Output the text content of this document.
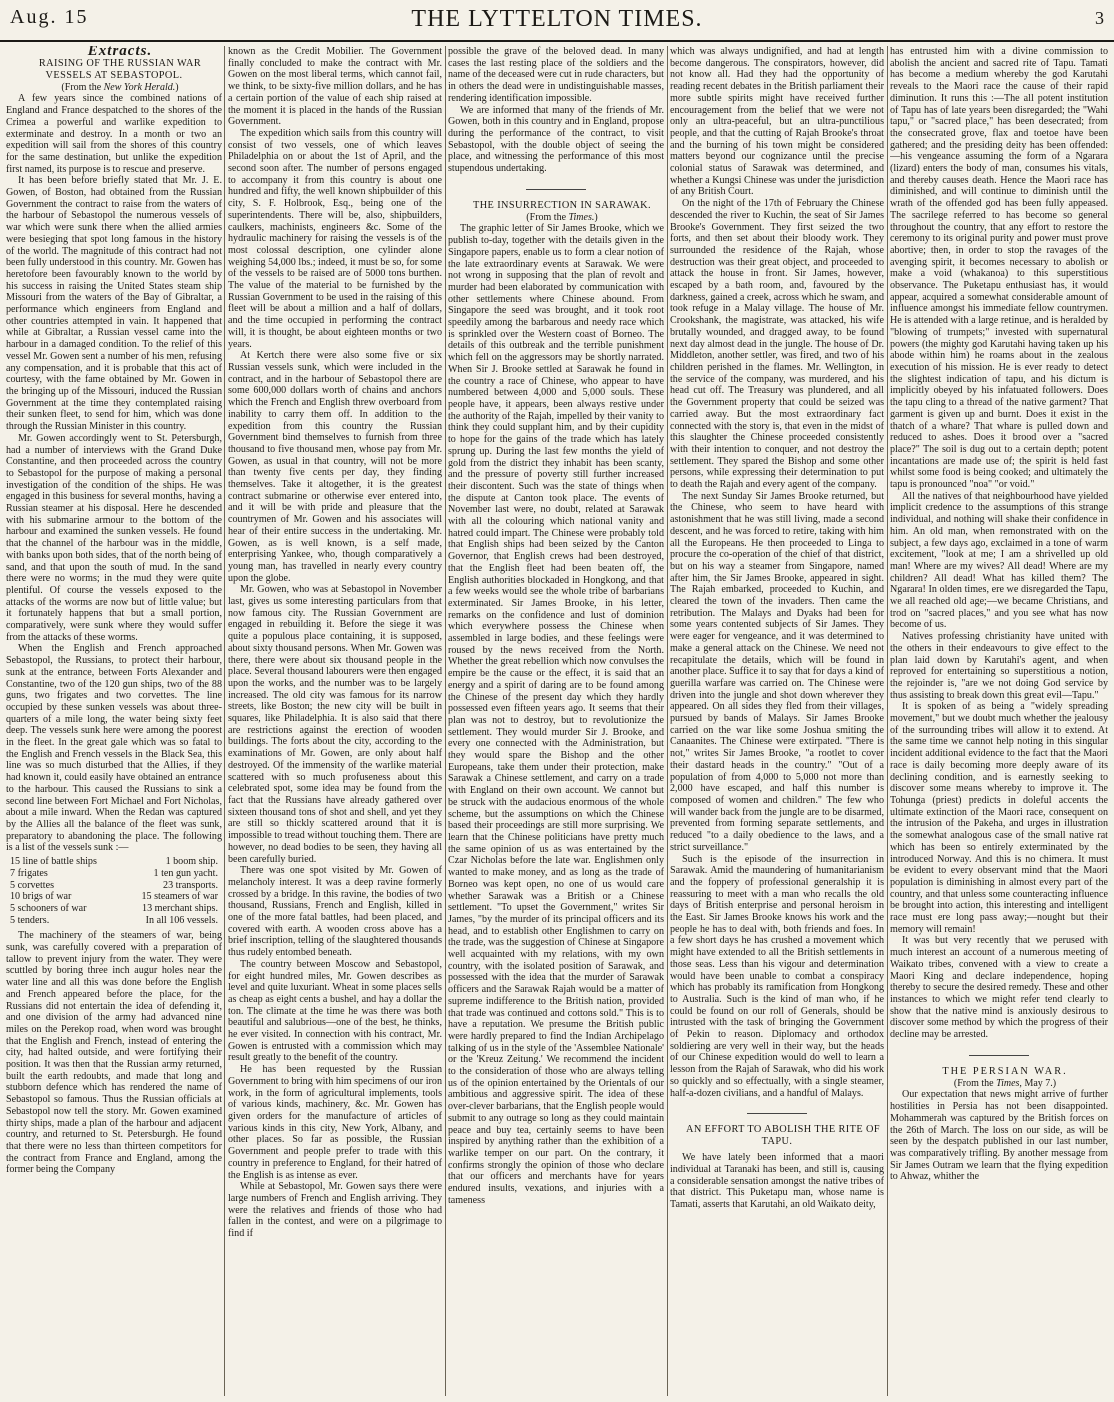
Aug. 15	THE LYTTELTON TIMES.	3

Extracts.

RAISING OF THE RUSSIAN WAR VESSELS AT SEBASTOPOL.

(From the New York Herald.)

A few years since the combined nations of England and France despatched to the shores of the Crimea a powerful and warlike expedition to exterminate and destroy. In a month or two an expedition will sail from the shores of this country for the same destination, but unlike the expedition first named, its purpose is to rescue and preserve.

It has been before briefly stated that Mr. J. E. Gowen, of Boston, had obtained from the Russian Government the contract to raise from the waters of the harbour of Sebastopol the numerous vessels of war which were sunk there when the allied armies were besieging that spot long famous in the history of the world. The magnitude of this contract had not been fully understood in this country. Mr. Gowen has heretofore been favourably known to the world by his success in raising the United States steam ship Missouri from the waters of the Bay of Gibraltar, a performance which engineers from England and other countries attempted in vain. It happened that while at Gibraltar, a Russian vessel came into the harbour in a damaged condition. To the relief of this vessel Mr. Gowen sent a number of his men, refusing any compensation, and it is probable that this act of courtesy, with the fame obtained by Mr. Gowen in the bringing up of the Missouri, induced the Russian Government at the time they contemplated raising their sunken fleet, to send for him, which was done through the Russian Minister in this country.

Mr. Gowen accordingly went to St. Petersburgh, had a number of interviews with the Grand Duke Constantine, and then proceeded across the country to Sebastopol for the purpose of making a personal investigation of the condition of the ships. He was engaged in this business for several months, having a Russian steamer at his disposal. Here he descended with his submarine armour to the bottom of the harbour and examined the sunken vessels. He found that the channel of the harbour was in the middle, with banks upon both sides, that of the north being of sand, and that upon the south of mud. In the sand there were no worms; in the mud they were quite plentiful. Of course the vessels exposed to the attacks of the worms are now but of little value; but it fortunately happens that but a small portion, comparatively, were sunk where they would suffer from the attacks of these worms.

When the English and French approached Sebastopol, the Russians, to protect their harbour, sunk at the entrance, between Forts Alexander and Constantine, two of the 120 gun ships, two of the 88 guns, two frigates and two corvettes. The line occupied by these sunken vessels was about three-quarters of a mile long, the water being sixty feet deep. The vessels sunk here were among the poorest in the fleet. In the great gale which was so fatal to the English and French vessels in the Black Sea, this line was so much disturbed that the Allies, if they had known it, could easily have obtained an entrance to the harbour. This caused the Russians to sink a second line between Fort Michael and Fort Nicholas, about a mile inward. When the Redan was captured by the Allies all the balance of the fleet was sunk, preparatory to abandoning the place. The following is a list of the vessels sunk :—

15 line of battle ships	1 boom ship.
7 frigates	1 ten gun yacht.
5 corvettes	23 transports.
10 brigs of war	15 steamers of war
5 schooners of war	13 merchant ships.
5 tenders.	In all 106 vessels.

The machinery of the steamers of war, being sunk, was carefully covered with a preparation of tallow to prevent injury from the water. They were scuttled by boring three inch augur holes near the water line and all this was done before the English and French appeared before the place, for the Russians did not entertain the idea of defending it, and one division of the army had advanced nine miles on the Perekop road, when word was brought that the English and French, instead of entering the city, had halted outside, and were fortifying their position. It was then that the Russian army returned, built the earth redoubts, and made that long and stubborn defence which has rendered the name of Sebastopol so famous. Thus the Russian officials at Sebastopol now tell the story. Mr. Gowen examined thirty ships, made a plan of the harbour and adjacent country, and returned to St. Petersburgh. He found that there were no less than thirteen competitors for the contract from France and England, among the former being the Company

known as the Credit Mobilier. The Government finally concluded to make the contract with Mr. Gowen on the most liberal terms, which cannot fail, we think, to be sixty-five million dollars, and he has a certain portion of the value of each ship raised at the moment it is placed in the hands of the Russian Government.

The expedition which sails from this country will consist of two vessels, one of which leaves Philadelphia on or about the 1st of April, and the second soon after. The number of persons engaged to accompany it from this country is about one hundred and fifty, the well known shipbuilder of this city, S. F. Holbrook, Esq., being one of the superintendents. There will be, also, shipbuilders, caulkers, machinists, engineers &c. Some of the hydraulic machinery for raising the vessels is of the most colossal description, one cylinder alone weighing 54,000 lbs.; indeed, it must be so, for some of the vessels to be raised are of 5000 tons burthen. The value of the material to be furnished by the Russian Government to be used in the raising of this fleet will be about a million and a half of dollars, and the time occupied in performing the contract will, it is thought, be about eighteen months or two years.

At Kertch there were also some five or six Russian vessels sunk, which were included in the contract, and in the harbour of Sebastopol there are some 600,000 dollars worth of chains and anchors which the French and English threw overboard from inability to carry them off. In addition to the expedition from this country the Russian Government bind themselves to furnish from three thousand to five thousand men, whose pay from Mr. Gowen, as usual in that country, will not be more than twenty five cents per day, they finding themselves. Take it altogether, it is the greatest contract submarine or otherwise ever entered into, and it will be with pride and pleasure that the countrymen of Mr. Gowen and his associates will hear of their entire success in the undertaking. Mr. Gowen, as is well known, is a self made, enterprising Yankee, who, though comparatively a young man, has travelled in nearly every country upon the globe.

Mr. Gowen, who was at Sebastopol in November last, gives us some interesting particulars from that now famous city. The Russian Government are engaged in rebuilding it. Before the siege it was quite a populous place containing, it is supposed, about sixty thousand persons. When Mr. Gowen was there, there were about six thousand people in the place. Several thousand labourers were then engaged upon the works, and the number was to be largely increased. The old city was famous for its narrow streets, like Boston; the new city will be built in squares, like Philadelphia. It is also said that there are restrictions against the erection of wooden buildings. The forts about the city, according to the examinations of Mr. Gowen, are only about half destroyed. Of the immensity of the warlike material scattered with so much profuseness about this celebrated spot, some idea may be found from the fact that the Russians have already gathered over sixteen thousand tons of shot and shell, and yet they are still so thickly scattered around that it is impossible to tread without touching them. There are however, no dead bodies to be seen, they having all been carefully buried.

There was one spot visited by Mr. Gowen of melancholy interest. It was a deep ravine formerly crossed by a bridge. In this ravine, the bodies of two thousand, Russians, French and English, killed in one of the more fatal battles, had been placed, and covered with earth. A wooden cross above has a brief inscription, telling of the slaughtered thousands thus rudely entombed beneath.

The country between Moscow and Sebastopol, for eight hundred miles, Mr. Gowen describes as level and quite luxuriant. Wheat in some places sells as cheap as eight cents a bushel, and hay a dollar the ton. The climate at the time he was there was both beautiful and salubrious—one of the best, he thinks, he ever visited. In connection with his contract, Mr. Gowen is entrusted with a commission which may result greatly to the benefit of the country.

He has been requested by the Russian Government to bring with him specimens of our iron work, in the form of agricultural implements, tools of various kinds, machinery, &c. Mr. Gowen has given orders for the manufacture of articles of various kinds in this city, New York, Albany, and other places. So far as possible, the Russian Government and people prefer to trade with this country in preference to England, for their hatred of the English is as intense as ever.

While at Sebastopol, Mr. Gowen says there were large numbers of French and English arriving. They were the relatives and friends of those who had fallen in the contest, and were on a pilgrimage to find if

possible the grave of the beloved dead. In many cases the last resting place of the soldiers and the name of the deceased were cut in rude characters, but in others the dead were in undistinguishable masses, rendering identification impossible.

We are informed that many of the friends of Mr. Gowen, both in this country and in England, propose during the performance of the contract, to visit Sebastopol, with the double object of seeing the place, and witnessing the performance of this most stupendous undertaking.

THE INSURRECTION IN SARAWAK.

(From the Times.)

The graphic letter of Sir James Brooke, which we publish to-day, together with the details given in the Singapore papers, enable us to form a clear notion of the late extraordinary events at Sarawak. We were not wrong in supposing that the plan of revolt and murder had been elaborated by communication with other settlements where Chinese abound. From Singapore the seed was brought, and it took root speedily among the barbarous and needy race which is sprinkled over the Western coast of Borneo. The details of this outbreak and the terrible punishment which fell on the aggressors may be shortly narrated. When Sir J. Brooke settled at Sarawak he found in the country a race of Chinese, who appear to have numbered between 4,000 and 5,000 souls. These people have, it appears, been always restive under the authority of the Rajah, impelled by their vanity to think they could supplant him, and by their cupidity to hope for the gains of the trade which has lately sprung up. During the last few months the yield of gold from the district they inhabit has been scanty, and the pressure of poverty still further increased their discontent. Such was the state of things when the dispute at Canton took place. The events of November last were, no doubt, related at Sarawak with all the colouring which national vanity and hatred could impart. The Chinese were probably told that English ships had been seized by the Canton Governor, that English crews had been destroyed, that the English fleet had been beaten off, the English authorities blockaded in Hongkong, and that a few weeks would see the whole tribe of barbarians exterminated. Sir James Brooke, in his letter, remarks on the confidence and lust of dominion which everywhere possess the Chinese when assembled in large bodies, and these feelings were roused by the news received from the North. Whether the great rebellion which now convulses the empire be the cause or the effect, it is said that an energy and a spirit of daring are to be found among the Chinese of the present day which they hardly possessed even fifteen years ago. It seems that their plan was not to destroy, but to revolutionize the settlement. They would murder Sir J. Brooke, and every one connected with the Administration, but they would spare the Bishop and the other Europeans, take them under their protection, make Sarawak a Chinese settlement, and carry on a trade with England on their own account. We cannot but be struck with the audacious enormous of the whole scheme, but the assumptions on which the Chinese based their proceedings are still more surprising. We learn that the Chinese politicians have pretty much the same opinion of us as was entertained by the Czar Nicholas before the late war. Englishmen only wanted to make money, and as long as the trade of Borneo was kept open, no one of us would care whether Sarawak was a British or a Chinese settlement. "To upset the Government," writes Sir James, "by the murder of its principal officers and its head, and to establish other Englishmen to carry on the trade, was the suggestion of Chinese at Singapore well acquainted with my relations, with my own country, with the isolated position of Sarawak, and possessed with the idea that the murder of Sarawak officers and the Sarawak Rajah would be a matter of supreme indifference to the British nation, provided that trade was continued and cottons sold." This is to have a reputation. We presume the British public were hardly prepared to find the Indian Archipelago talking of us in the style of the 'Assemblee Nationale' or the 'Kreuz Zeitung.' We recommend the incident to the consideration of those who are always telling us of the opinion entertained by the Orientals of our ambitious and aggressive spirit. The idea of these over-clever barbarians, that the English people would submit to any outrage so long as they could maintain peace and buy tea, certainly seems to have been inspired by anything rather than the exhibition of a warlike temper on our part. On the contrary, it confirms strongly the opinion of those who declare that our officers and merchants have for years endured insults, vexations, and injuries with a tameness

which was always undignified, and had at length become dangerous. The conspirators, however, did not know all. Had they had the opportunity of reading recent debates in the British parliament their more subtle spirits might have received further encouragement from the belief that we were not only an ultra-peaceful, but an ultra-punctilious people, and that the cutting of Rajah Brooke's throat and the burning of his town might be considered matters beyond our cognizance until the precise colonial status of Sarawak was determined, and whether a Kungsi Chinese was under the jurisdiction of any British Court.

On the night of the 17th of February the Chinese descended the river to Kuchin, the seat of Sir James Brooke's Government. They first seized the two forts, and then set about their bloody work. They surrounded the residence of the Rajah, whose destruction was their great object, and proceeded to attack the house in front. Sir James, however, escaped by a bath room, and, favoured by the darkness, gained a creek, across which he swam, and took refuge in a Malay village. The house of Mr. Crookshank, the magistrate, was attacked, his wife brutally wounded, and dragged away, to be found next day almost dead in the jungle. The house of Dr. Middleton, another settler, was fired, and two of his children perished in the flames. Mr. Wellington, in the service of the company, was murdered, and his head cut off. The Treasury was plundered, and all the Government property that could be seized was carried away. But the most extraordinary fact connected with the story is, that even in the midst of this slaughter the Chinese proceeded consistently with their intention to conquer, and not destroy the settlement. They spared the Bishop and some other persons, while expressing their determination to put to death the Rajah and every agent of the company.

The next Sunday Sir James Brooke returned, but the Chinese, who seem to have heard with astonishment that he was still living, made a second descent, and he was forced to retire, taking with him all the Europeans. He then proceeded to Linga to procure the co-operation of the chief of that district, but on his way a steamer from Singapore, named after him, the Sir James Brooke, appeared in sight. The Rajah embarked, proceeded to Kuchin, and cleared the town of the invaders. Then came the retribution. The Malays and Dyaks had been for some years contented subjects of Sir James. They were eager for vengeance, and it was determined to make a general attack on the Chinese. We need not recapitulate the details, which will be found in another place. Suffice it to say that for days a kind of guerilla warfare was carried on. The Chinese were driven into the jungle and shot down wherever they appeared. On all sides they fled from their villages, pursued by bands of Malays. Sir James Brooke carried on the war like some Joshua smiting the Canaanites. The Chinese were extirpated. "There is not," writes Sir James Brooke, "a rootlet to cover their dastard heads in the country." "Out of a population of from 4,000 to 5,000 not more than 2,000 have escaped, and half this number is composed of women and children." The few who will wander back from the jungle are to be disarmed, prevented from forming separate settlements, and reduced "to a daily obedience to the laws, and a strict surveillance."

Such is the episode of the insurrection in Sarawak. Amid the maundering of humanitarianism and the foppery of professional generalship it is reassuring to meet with a man who recalls the old days of British enterprise and personal heroism in the East. Sir James Brooke knows his work and the people he has to deal with, both friends and foes. In a few short days he has crushed a movement which might have extended to all the British settlements in those seas. Less than his vigour and determination would have been unable to combat a conspiracy which has probably its ramification from Hongkong to Australia. Such is the kind of man who, if he could be found on our roll of Generals, should be intrusted with the task of bringing the Government of Pekin to reason. Diplomacy and orthodox soldiering are very well in their way, but the heads of our Chinese expedition would do well to learn a lesson from the Rajah of Sarawak, who did his work so quickly and so effectually, with a single steamer, half-a-dozen civilians, and a handful of Malays.

AN EFFORT TO ABOLISH THE RITE OF TAPU.

We have lately been informed that a maori individual at Taranaki has been, and still is, causing a considerable sensation amongst the native tribes of that district. This Puketapu man, whose name is Tamati, asserts that Karutahi, an old Waikato deity,

has entrusted him with a divine commission to abolish the ancient and sacred rite of Tapu. Tamati has become a medium whereby the god Karutahi reveals to the Maori race the cause of their rapid diminution. It runs this :—The all potent institution of Tapu has of late years been disregarded; the "Wahi tapu," or "sacred place," has been desecrated; from the consecrated grove, flax and toetoe have been gathered; and the presiding deity has been offended:—his vengeance assuming the form of a Ngarara (lizard) enters the body of man, consumes his vitals, and thereby causes death. Hence the Maori race has diminished, and will continue to diminish until the wrath of the offended god has been fully appeased. The sacrilege referred to has become so general throughout the country, that any effort to restore the ceremony to its original purity and power must prove abortive; then, in order to stop the ravages of the avenging spirit, it becomes necessary to abolish or make a void (whakanoa) to this superstitious observance. The Puketapu enthusiast has, it would appear, acquired a somewhat considerable amount of influence amongst his immediate fellow countrymen. He is attended with a large retinue, and is heralded by "blowing of trumpets;" invested with supernatural powers (the mighty god Karutahi having taken up his abode within him) he roams about in the zealous execution of his mission. He is ever ready to detect the slightest indication of tapu, and his dictum is implicitly obeyed by his infatuated followers. Does the tapu cling to a thread of the native garment? That garment is given up and burnt. Does it exist in the thatch of a whare? That whare is pulled down and reduced to ashes. Does it brood over a "sacred place?" The soil is dug out to a certain depth; potent incantations are made use of; the spirit is held fast whilst some food is being cooked; and ultimately the tapu is pronounced "noa" "or void."

All the natives of that neighbourhood have yielded implicit credence to the assumptions of this strange individual, and nothing will shake their confidence in him. An old man, when remonstrated with on the subject, a few days ago, exclaimed in a tone of warm excitement, "look at me; I am a shrivelled up old man! Where are my wives? All dead! Where are my children? All dead! What has killed them? The Ngarara! In olden times, ere we disregarded the Tapu, we all reached old age;—we became Christians, and trod on "sacred places," and you see what has now become of us.

Natives professing christianity have united with the others in their endeavours to give effect to the plan laid down by Karutahi's agent, and when reproved for entertaining so superstitious a notion, the rejoinder is, "are we not doing God service by thus assisting to break down this great evil—Tapu."

It is spoken of as being a "widely spreading movement," but we doubt much whether the jealousy of the surrounding tribes will allow it to extend. At the same time we cannot help noting in this singular incident additional evidence to the fact that the Maori race is daily becoming more deeply aware of its declining condition, and is earnestly seeking to discover some means whereby to improve it. The Tohunga (priest) predicts in doleful accents the ultimate extinction of the Maori race, consequent on the intrusion of the Pakeha, and urges in illustration the somewhat analogous case of the small native rat which has been so entirely exterminated by the introduced Norway. And this is no chimera. It must be evident to every observant mind that the Maori population is diminishing in almost every part of the country, and that unless some counteracting influence be brought into action, this interesting and intelligent race must ere long pass away;—nought but their memory will remain!

It was but very recently that we perused with much interest an account of a numerous meeting of Waikato tribes, convened with a view to create a Maori King and declare independence, hoping thereby to secure the desired remedy. These and other instances to which we might refer tend clearly to show that the native mind is anxiously desirous to discover some method by which the progress of their decline may be arrested.

THE PERSIAN WAR.

(From the Times, May 7.)

Our expectation that news might arrive of further hostilities in Persia has not been disappointed. Mohammerah was captured by the British forces on the 26th of March. The loss on our side, as will be seen by the despatch published in our last number, was comparatively trifling. By another message from Sir James Outram we learn that the flying expedition to Ahwaz, whither the
